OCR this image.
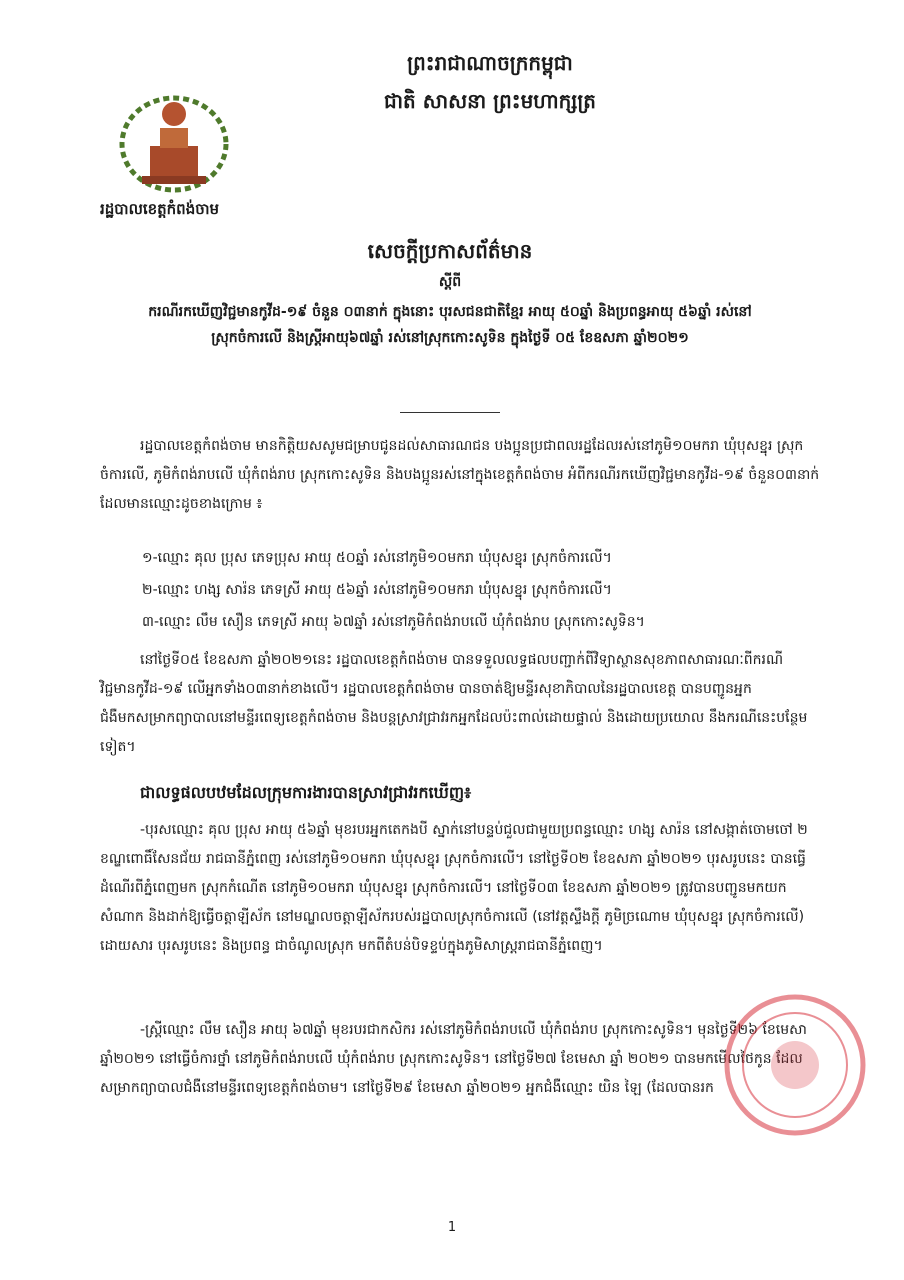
ព្រះរាជាណាចក្រកម្ពុជា
ជាតិ សាសនា ព្រះមហាក្សត្រ
រដ្ឋបាលខេត្តកំពង់ចាម
សេចក្តីប្រកាសព័ត៌មាន
ស្តីពី
ករណីរកឃើញវិជ្ជមានកូវីដ-១៩ ចំនួន ០៣នាក់ ក្នុងនោះ បុរសជនជាតិខ្មែរ អាយុ ៥០ឆ្នាំ និងប្រពន្ធអាយុ ៥៦ឆ្នាំ រស់នៅស្រុកចំការលើ និងស្ត្រីអាយុ៦៧ឆ្នាំ រស់នៅស្រុកកោះសូទិន ក្នុងថ្ងៃទី ០៥ ខែឧសភា ឆ្នាំ២០២១

រដ្ឋបាលខេត្តកំពង់ចាម មានកិត្តិយសសូមជម្រាបជូនដល់សាធារណជន បងប្អូនប្រជាពលរដ្ឋដែលរស់នៅភូមិ១០មករា ឃុំបុសខ្នុរ ស្រុកចំការលើ, ភូមិកំពង់រាបលើ ឃុំកំពង់រាប ស្រុកកោះសូទិន និងបងប្អូនរស់នៅក្នុងខេត្តកំពង់ចាម អំពីករណីរកឃើញវិជ្ជមានកូវីដ-១៩ ចំនួន០៣នាក់ ដែលមានឈ្មោះដូចខាងក្រោម ៖

១-ឈ្មោះ គុល ប្រុស ភេទប្រុស អាយុ ៥០ឆ្នាំ រស់នៅភូមិ១០មករា ឃុំបុសខ្នុរ ស្រុកចំការលើ។
២-ឈ្មោះ ហង្ស សារ៉ន ភេទស្រី អាយុ ៥៦ឆ្នាំ រស់នៅភូមិ១០មករា ឃុំបុសខ្នុរ ស្រុកចំការលើ។
៣-ឈ្មោះ លឹម សឿន ភេទស្រី អាយុ ៦៧ឆ្នាំ រស់នៅភូមិកំពង់រាបលើ ឃុំកំពង់រាប ស្រុកកោះសូទិន។

នៅថ្ងៃទី០៥ ខែឧសភា ឆ្នាំ២០២១នេះ រដ្ឋបាលខេត្តកំពង់ចាម បានទទួលលទ្ធផលបញ្ជាក់ពីវិទ្យាស្ថានសុខភាពសាធារណៈពីករណីវិជ្ជមានកូវីដ-១៩ លើអ្នកទាំង០៣នាក់ខាងលើ។ រដ្ឋបាលខេត្តកំពង់ចាម បានចាត់ឱ្យមន្ទីរសុខាភិបាលនៃរដ្ឋបាលខេត្ត បានបញ្ជូនអ្នកជំងឺមកសម្រាកព្យាបាលនៅមន្ទីរពេទ្យខេត្តកំពង់ចាម និងបន្តស្រាវជ្រាវរកអ្នកដែលប៉ះពាល់ដោយផ្ទាល់ និងដោយប្រយោល នឹងករណីនេះបន្ថែមទៀត។

ជាលទ្ធផលបឋមដែលក្រុមការងារបានស្រាវជ្រាវរកឃើញ៖

-បុរសឈ្មោះ គុល ប្រុស អាយុ ៥៦ឆ្នាំ មុខរបរអ្នកតេកងបី ស្នាក់នៅបន្ទប់ជួលជាមួយប្រពន្ធឈ្មោះ ហង្ស សារ៉ន នៅសង្កាត់ចោមចៅ ២ ខណ្ឌពោធិ៍សែនជ័យ រាជធានីភ្នំពេញ រស់នៅភូមិ១០មករា ឃុំបុសខ្នុរ ស្រុកចំការលើ។ នៅថ្ងៃទី០២ ខែឧសភា ឆ្នាំ២០២១ បុរសរូបនេះ បានធ្វើដំណើរពីភ្នំពេញមក ស្រុកកំណើត នៅភូមិ១០មករា ឃុំបុសខ្នុរ ស្រុកចំការលើ។ នៅថ្ងៃទី០៣ ខែឧសភា ឆ្នាំ២០២១ ត្រូវបានបញ្ជូនមកយកសំណាក និងដាក់ឱ្យធ្វើចត្តាឡីស័ក នៅមណ្ឌលចត្តាឡីស័ករបស់រដ្ឋបាលស្រុកចំការលើ (នៅវត្តស្ទឹងក្តី ភូមិច្រណោម ឃុំបុសខ្នុរ ស្រុកចំការលើ) ដោយសារ បុរសរូបនេះ និងប្រពន្ធ ជាចំណូលស្រុក មកពីតំបន់បិទខ្ទប់ក្នុងភូមិសាស្ត្ររាជធានីភ្នំពេញ។

-ស្ត្រីឈ្មោះ លឹម សឿន អាយុ ៦៧ឆ្នាំ មុខរបរជាកសិករ រស់នៅភូមិកំពង់រាបលើ ឃុំកំពង់រាប ស្រុកកោះសូទិន។ មុនថ្ងៃទី២៦ ខែមេសា ឆ្នាំ២០២១ នៅធ្វើចំការថ្នាំ នៅភូមិកំពង់រាបលើ ឃុំកំពង់រាប ស្រុកកោះសូទិន។ នៅថ្ងៃទី២៧ ខែមេសា ឆ្នាំ ២០២១ បានមកមើលថៃកូន ដែលសម្រាកព្យាបាលជំងឺនៅមន្ទីរពេទ្យខេត្តកំពង់ចាម។ នៅថ្ងៃទី២៩ ខែមេសា ឆ្នាំ២០២១ អ្នកជំងឺឈ្មោះ យិន ឡៃ (ដែលបានរក

1
